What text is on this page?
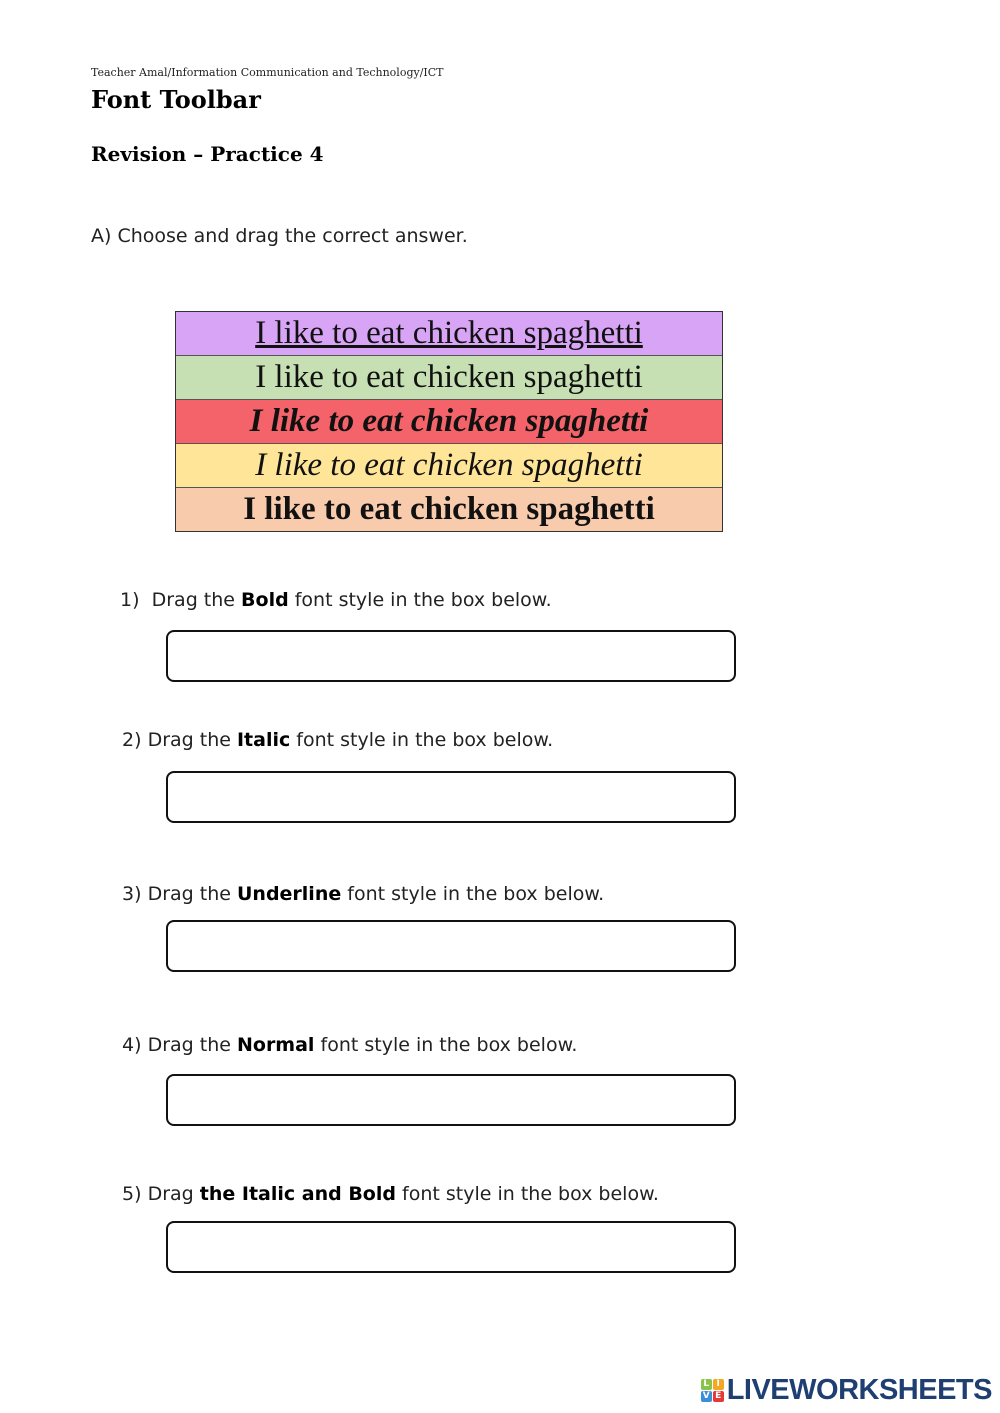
Teacher Amal/Information Communication and Technology/ICT
Font Toolbar
Revision – Practice 4
A) Choose and drag the correct answer.
I like to eat chicken spaghetti
I like to eat chicken spaghetti
I like to eat chicken spaghetti
I like to eat chicken spaghetti
I like to eat chicken spaghetti
1) Drag the Bold font style in the box below.
2) Drag the Italic font style in the box below.
3) Drag the Underline font style in the box below.
4) Drag the Normal font style in the box below.
5) Drag the Italic and Bold font style in the box below.
L I
V E LIVEWORKSHEETS
